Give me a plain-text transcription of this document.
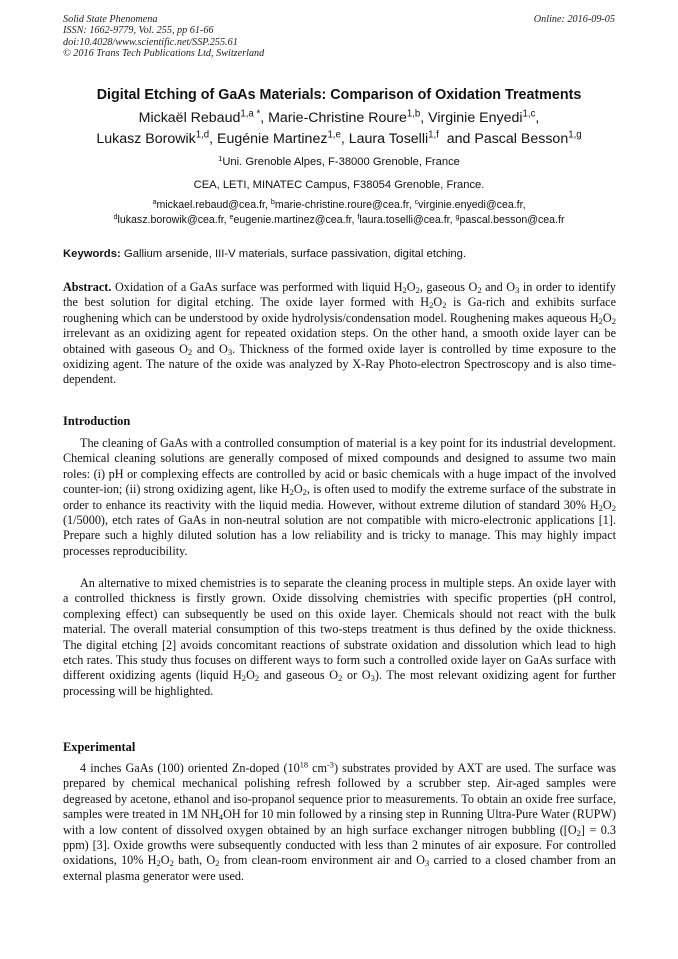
Solid State Phenomena
ISSN: 1662-9779, Vol. 255, pp 61-66
doi:10.4028/www.scientific.net/SSP.255.61
© 2016 Trans Tech Publications Ltd, Switzerland
Online: 2016-09-05
Digital Etching of GaAs Materials: Comparison of Oxidation Treatments
Mickaël Rebaud$^{1,a *}$, Marie-Christine Roure$^{1,b}$, Virginie Enyedi$^{1,c}$,
Lukasz Borowik$^{1,d}$, Eugénie Martinez$^{1,e}$, Laura Toselli$^{1,f}$  and Pascal Besson$^{1,g}$
$^1$Uni. Grenoble Alpes, F-38000 Grenoble, France
CEA, LETI, MINATEC Campus, F38054 Grenoble, France.
$^a$mickael.rebaud@cea.fr, $^b$marie-christine.roure@cea.fr, $^c$virginie.enyedi@cea.fr,
$^d$lukasz.borowik@cea.fr, $^e$eugenie.martinez@cea.fr, $^f$laura.toselli@cea.fr, $^g$pascal.besson@cea.fr
Keywords: Gallium arsenide, III-V materials, surface passivation, digital etching.
Abstract. Oxidation of a GaAs surface was performed with liquid $H_2O_2$, gaseous $O_2$ and $O_3$ in order to identify the best solution for digital etching. The oxide layer formed with $H_2O_2$ is Ga-rich and exhibits surface roughening which can be understood by oxide hydrolysis/condensation model. Roughening makes aqueous $H_2O_2$ irrelevant as an oxidizing agent for repeated oxidation steps. On the other hand, a smooth oxide layer can be obtained with gaseous $O_2$ and $O_3$. Thickness of the formed oxide layer is controlled by time exposure to the oxidizing agent. The nature of the oxide was analyzed by X-Ray Photo-electron Spectroscopy and is also time-dependent.
Introduction
The cleaning of GaAs with a controlled consumption of material is a key point for its industrial development. Chemical cleaning solutions are generally composed of mixed compounds and designed to assume two main roles: (i) pH or complexing effects are controlled by acid or basic chemicals with a huge impact of the involved counter-ion; (ii) strong oxidizing agent, like $H_2O_2$, is often used to modify the extreme surface of the substrate in order to enhance its reactivity with the liquid media. However, without extreme dilution of standard 30% $H_2O_2$ (1/5000), etch rates of GaAs in non-neutral solution are not compatible with micro-electronic applications [1]. Prepare such a highly diluted solution has a low reliability and is tricky to manage. This may highly impact processes reproducibility.
An alternative to mixed chemistries is to separate the cleaning process in multiple steps. An oxide layer with a controlled thickness is firstly grown. Oxide dissolving chemistries with specific properties (pH control, complexing effect) can subsequently be used on this oxide layer. Chemicals should not react with the bulk material. The overall material consumption of this two-steps treatment is thus defined by the oxide thickness. The digital etching [2] avoids concomitant reactions of substrate oxidation and dissolution which lead to high etch rates. This study thus focuses on different ways to form such a controlled oxide layer on GaAs surface with different oxidizing agents (liquid $H_2O_2$ and gaseous $O_2$ or $O_3$). The most relevant oxidizing agent for further processing will be highlighted.
Experimental
4 inches GaAs (100) oriented Zn-doped ($10^{18}$ $cm^{-3}$) substrates provided by AXT are used. The surface was prepared by chemical mechanical polishing refresh followed by a scrubber step. Air-aged samples were degreased by acetone, ethanol and iso-propanol sequence prior to measurements. To obtain an oxide free surface, samples were treated in 1M $NH_4OH$ for 10 min followed by a rinsing step in Running Ultra-Pure Water (RUPW) with a low content of dissolved oxygen obtained by an high surface exchanger nitrogen bubbling ($[O_2] = 0.3$ ppm) [3]. Oxide growths were subsequently conducted with less than 2 minutes of air exposure. For controlled oxidations, 10% $H_2O_2$ bath, $O_2$ from clean-room environment air and $O_3$ carried to a closed chamber from an external plasma generator were used.
